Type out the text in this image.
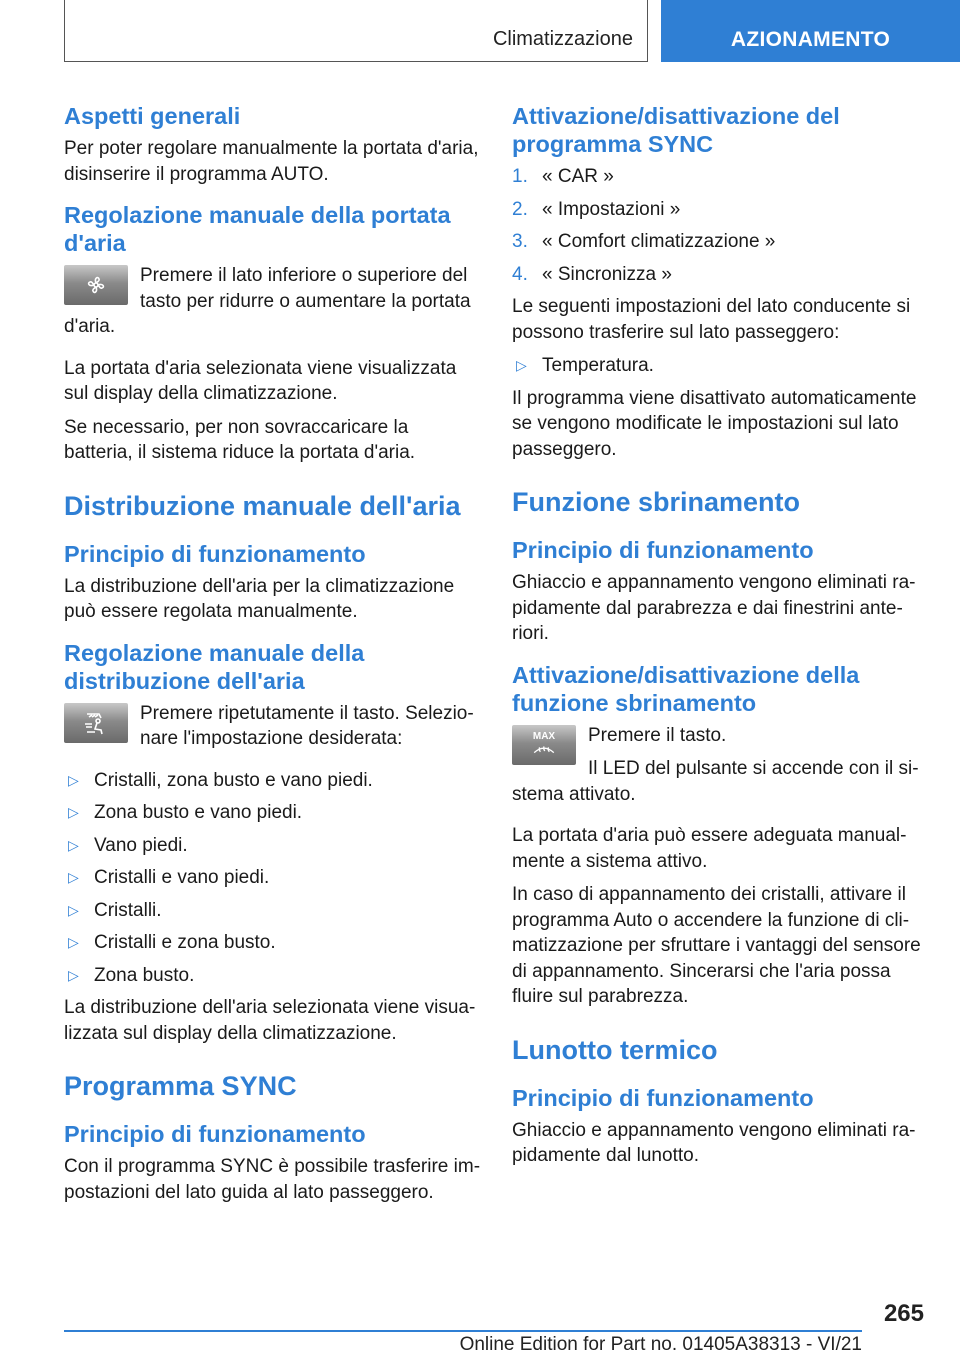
Climatizzazione	AZIONAMENTO
Aspetti generali

Per poter regolare manualmente la portata d'aria, disinserire il programma AUTO.

Regolazione manuale della portata d'aria

Premere il lato inferiore o superiore del tasto per ridurre o aumentare la portata d'aria.

La portata d'aria selezionata viene visualizzata sul display della climatizzazione.

Se necessario, per non sovraccaricare la batteria, il sistema riduce la portata d'aria.

Distribuzione manuale dell'aria
Principio di funzionamento

La distribuzione dell'aria per la climatizzazione può essere regolata manualmente.

Regolazione manuale della distribuzione dell'aria

Premere ripetutamente il tasto. Selezio-nare l'impostazione desiderata:

▷ Cristalli, zona busto e vano piedi.
▷ Zona busto e vano piedi.
▷ Vano piedi.
▷ Cristalli e vano piedi.
▷ Cristalli.
▷ Cristalli e zona busto.
▷ Zona busto.

La distribuzione dell'aria selezionata viene visua-lizzata sul display della climatizzazione.

Programma SYNC
Principio di funzionamento

Con il programma SYNC è possibile trasferire im-postazioni del lato guida al lato passeggero.

Attivazione/disattivazione del programma SYNC
1. « CAR »
2. « Impostazioni »
3. « Comfort climatizzazione »
4. « Sincronizza »

Le seguenti impostazioni del lato conducente si possono trasferire sul lato passeggero:

▷ Temperatura.

Il programma viene disattivato automaticamente se vengono modificate le impostazioni sul lato passeggero.

Funzione sbrinamento
Principio di funzionamento

Ghiaccio e appannamento vengono eliminati ra-pidamente dal parabrezza e dai finestrini ante-riori.

Attivazione/disattivazione della funzione sbrinamento
MAX	Premere il tasto.

Il LED del pulsante si accende con il si-stema attivato.

La portata d'aria può essere adeguata manual-mente a sistema attivo.

In caso di appannamento dei cristalli, attivare il programma Auto o accendere la funzione di cli-matizzazione per sfruttare i vantaggi del sensore di appannamento. Sincerarsi che l'aria possa fluire sul parabrezza.

Lunotto termico
Principio di funzionamento

Ghiaccio e appannamento vengono eliminati ra-pidamente dal lunotto.

265
Online Edition for Part no. 01405A38313 - VI/21
